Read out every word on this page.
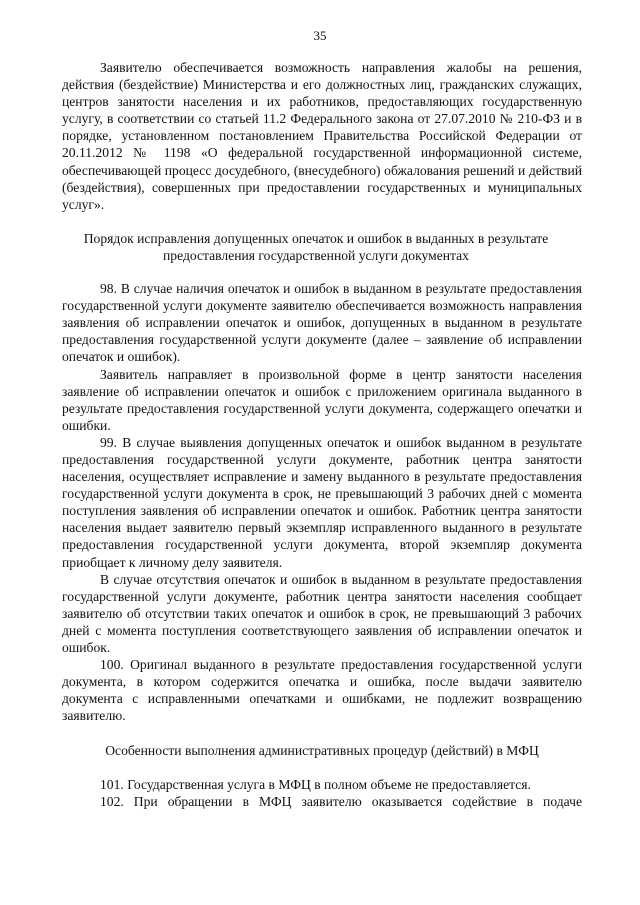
35

Заявителю обеспечивается возможность направления жалобы на решения, действия (бездействие) Министерства и его должностных лиц, гражданских служащих, центров занятости населения и их работников, предоставляющих государственную услугу, в соответствии со статьей 11.2 Федерального закона от 27.07.2010 № 210-ФЗ и в порядке, установленном постановлением Правительства Российской Федерации от 20.11.2012 № 1198 «О федеральной государственной информационной системе, обеспечивающей процесс досудебного, (внесудебного) обжалования решений и действий (бездействия), совершенных при предоставлении государственных и муниципальных услуг».

Порядок исправления допущенных опечаток и ошибок в выданных в результате предоставления государственной услуги документах

98. В случае наличия опечаток и ошибок в выданном в результате предоставления государственной услуги документе заявителю обеспечивается возможность направления заявления об исправлении опечаток и ошибок, допущенных в выданном в результате предоставления государственной услуги документе (далее – заявление об исправлении опечаток и ошибок).

Заявитель направляет в произвольной форме в центр занятости населения заявление об исправлении опечаток и ошибок с приложением оригинала выданного в результате предоставления государственной услуги документа, содержащего опечатки и ошибки.

99. В случае выявления допущенных опечаток и ошибок выданном в результате предоставления государственной услуги документе, работник центра занятости населения, осуществляет исправление и замену выданного в результате предоставления государственной услуги документа в срок, не превышающий 3 рабочих дней с момента поступления заявления об исправлении опечаток и ошибок. Работник центра занятости населения выдает заявителю первый экземпляр исправленного выданного в результате предоставления государственной услуги документа, второй экземпляр документа приобщает к личному делу заявителя.

В случае отсутствия опечаток и ошибок в выданном в результате предоставления государственной услуги документе, работник центра занятости населения сообщает заявителю об отсутствии таких опечаток и ошибок в срок, не превышающий 3 рабочих дней с момента поступления соответствующего заявления об исправлении опечаток и ошибок.

100. Оригинал выданного в результате предоставления государственной услуги документа, в котором содержится опечатка и ошибка, после выдачи заявителю документа с исправленными опечатками и ошибками, не подлежит возвращению заявителю.

Особенности выполнения административных процедур (действий) в МФЦ

101. Государственная услуга в МФЦ в полном объеме не предоставляется.

102. При обращении в МФЦ заявителю оказывается содействие в подаче
